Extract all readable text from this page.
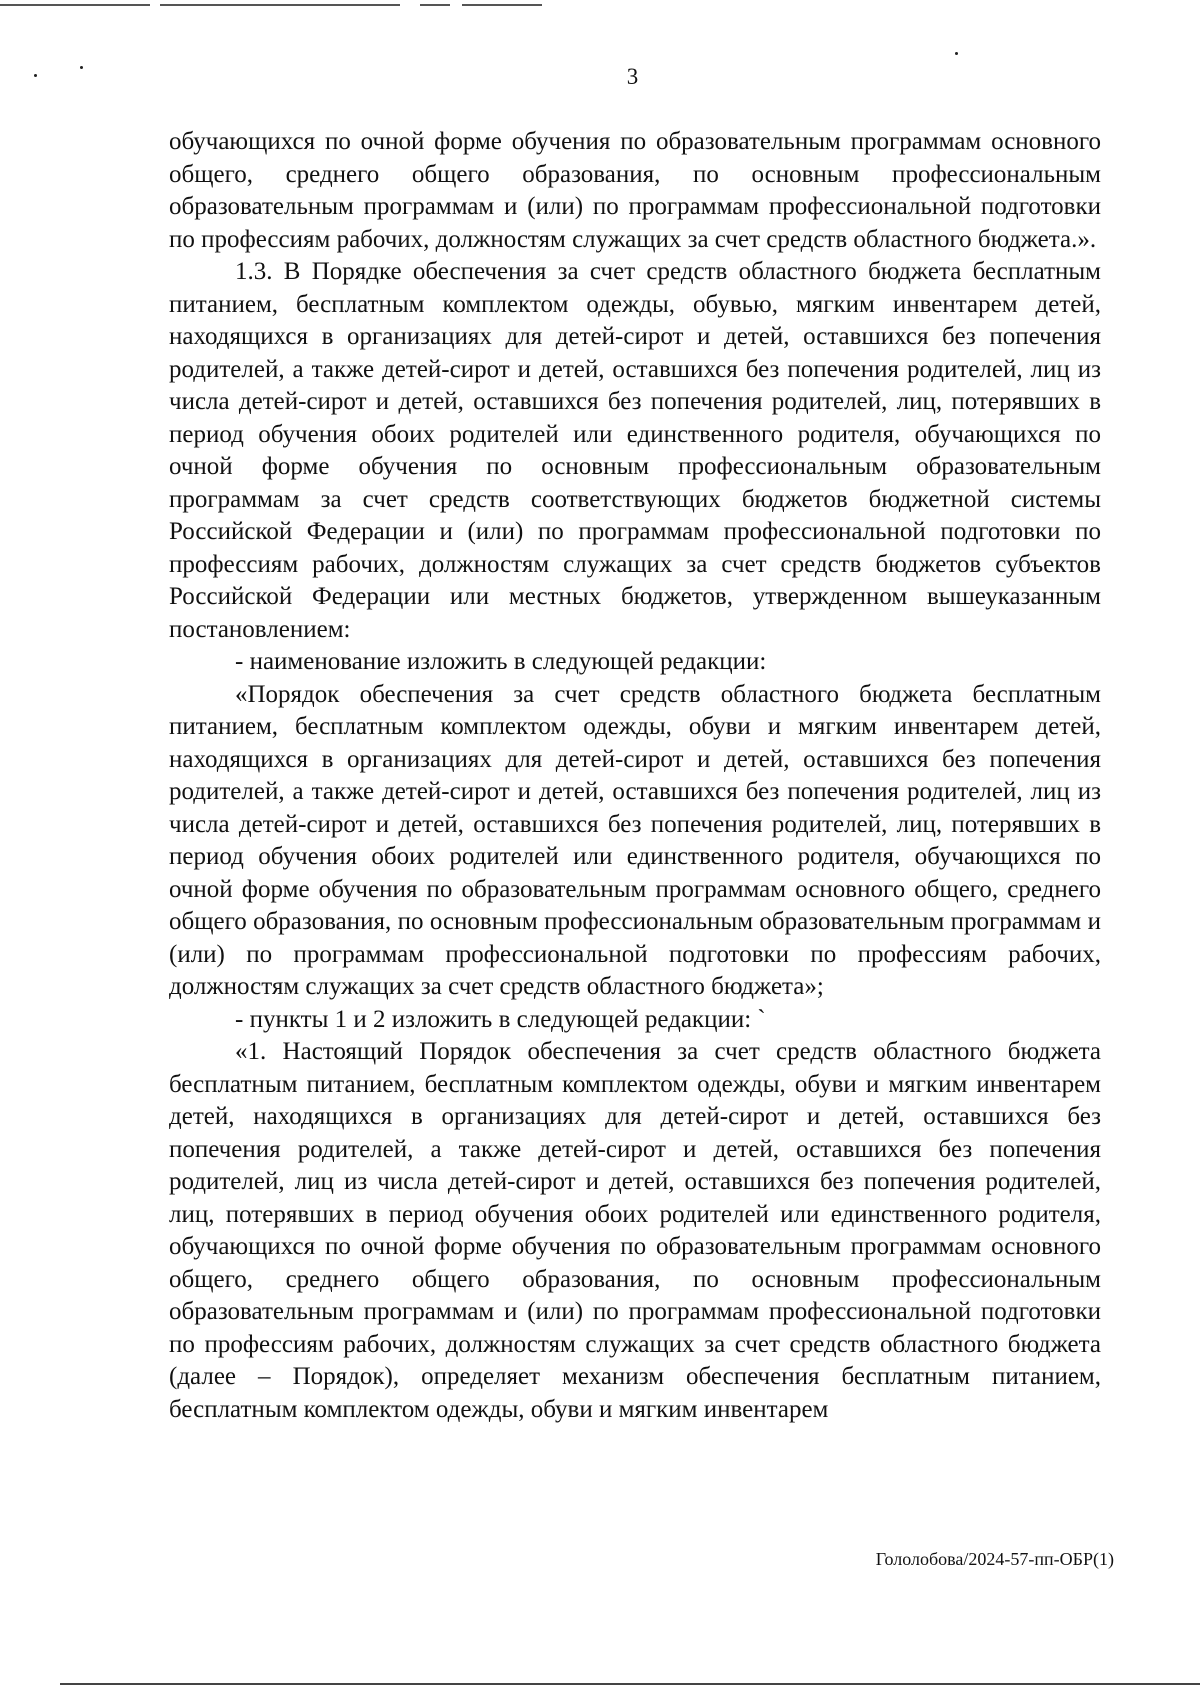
3

обучающихся по очной форме обучения по образовательным программам основного общего, среднего общего образования, по основным профессиональным образовательным программам и (или) по программам профессиональной подготовки по профессиям рабочих, должностям служащих за счет средств областного бюджета.».

1.3. В Порядке обеспечения за счет средств областного бюджета бесплатным питанием, бесплатным комплектом одежды, обувью, мягким инвентарем детей, находящихся в организациях для детей-сирот и детей, оставшихся без попечения родителей, а также детей-сирот и детей, оставшихся без попечения родителей, лиц из числа детей-сирот и детей, оставшихся без попечения родителей, лиц, потерявших в период обучения обоих родителей или единственного родителя, обучающихся по очной форме обучения по основным профессиональным образовательным программам за счет средств соответствующих бюджетов бюджетной системы Российской Федерации и (или) по программам профессиональной подготовки по профессиям рабочих, должностям служащих за счет средств бюджетов субъектов Российской Федерации или местных бюджетов, утвержденном вышеуказанным постановлением:

- наименование изложить в следующей редакции:

«Порядок обеспечения за счет средств областного бюджета бесплатным питанием, бесплатным комплектом одежды, обуви и мягким инвентарем детей, находящихся в организациях для детей-сирот и детей, оставшихся без попечения родителей, а также детей-сирот и детей, оставшихся без попечения родителей, лиц из числа детей-сирот и детей, оставшихся без попечения родителей, лиц, потерявших в период обучения обоих родителей или единственного родителя, обучающихся по очной форме обучения по образовательным программам основного общего, среднего общего образования, по основным профессиональным образовательным программам и (или) по программам профессиональной подготовки по профессиям рабочих, должностям служащих за счет средств областного бюджета»;

- пункты 1 и 2 изложить в следующей редакции: `

«1. Настоящий Порядок обеспечения за счет средств областного бюджета бесплатным питанием, бесплатным комплектом одежды, обуви и мягким инвентарем детей, находящихся в организациях для детей-сирот и детей, оставшихся без попечения родителей, а также детей-сирот и детей, оставшихся без попечения родителей, лиц из числа детей-сирот и детей, оставшихся без попечения родителей, лиц, потерявших в период обучения обоих родителей или единственного родителя, обучающихся по очной форме обучения по образовательным программам основного общего, среднего общего образования, по основным профессиональным образовательным программам и (или) по программам профессиональной подготовки по профессиям рабочих, должностям служащих за счет средств областного бюджета (далее – Порядок), определяет механизм обеспечения бесплатным питанием, бесплатным комплектом одежды, обуви и мягким инвентарем

Гололобова/2024-57-пп-ОБР(1)
